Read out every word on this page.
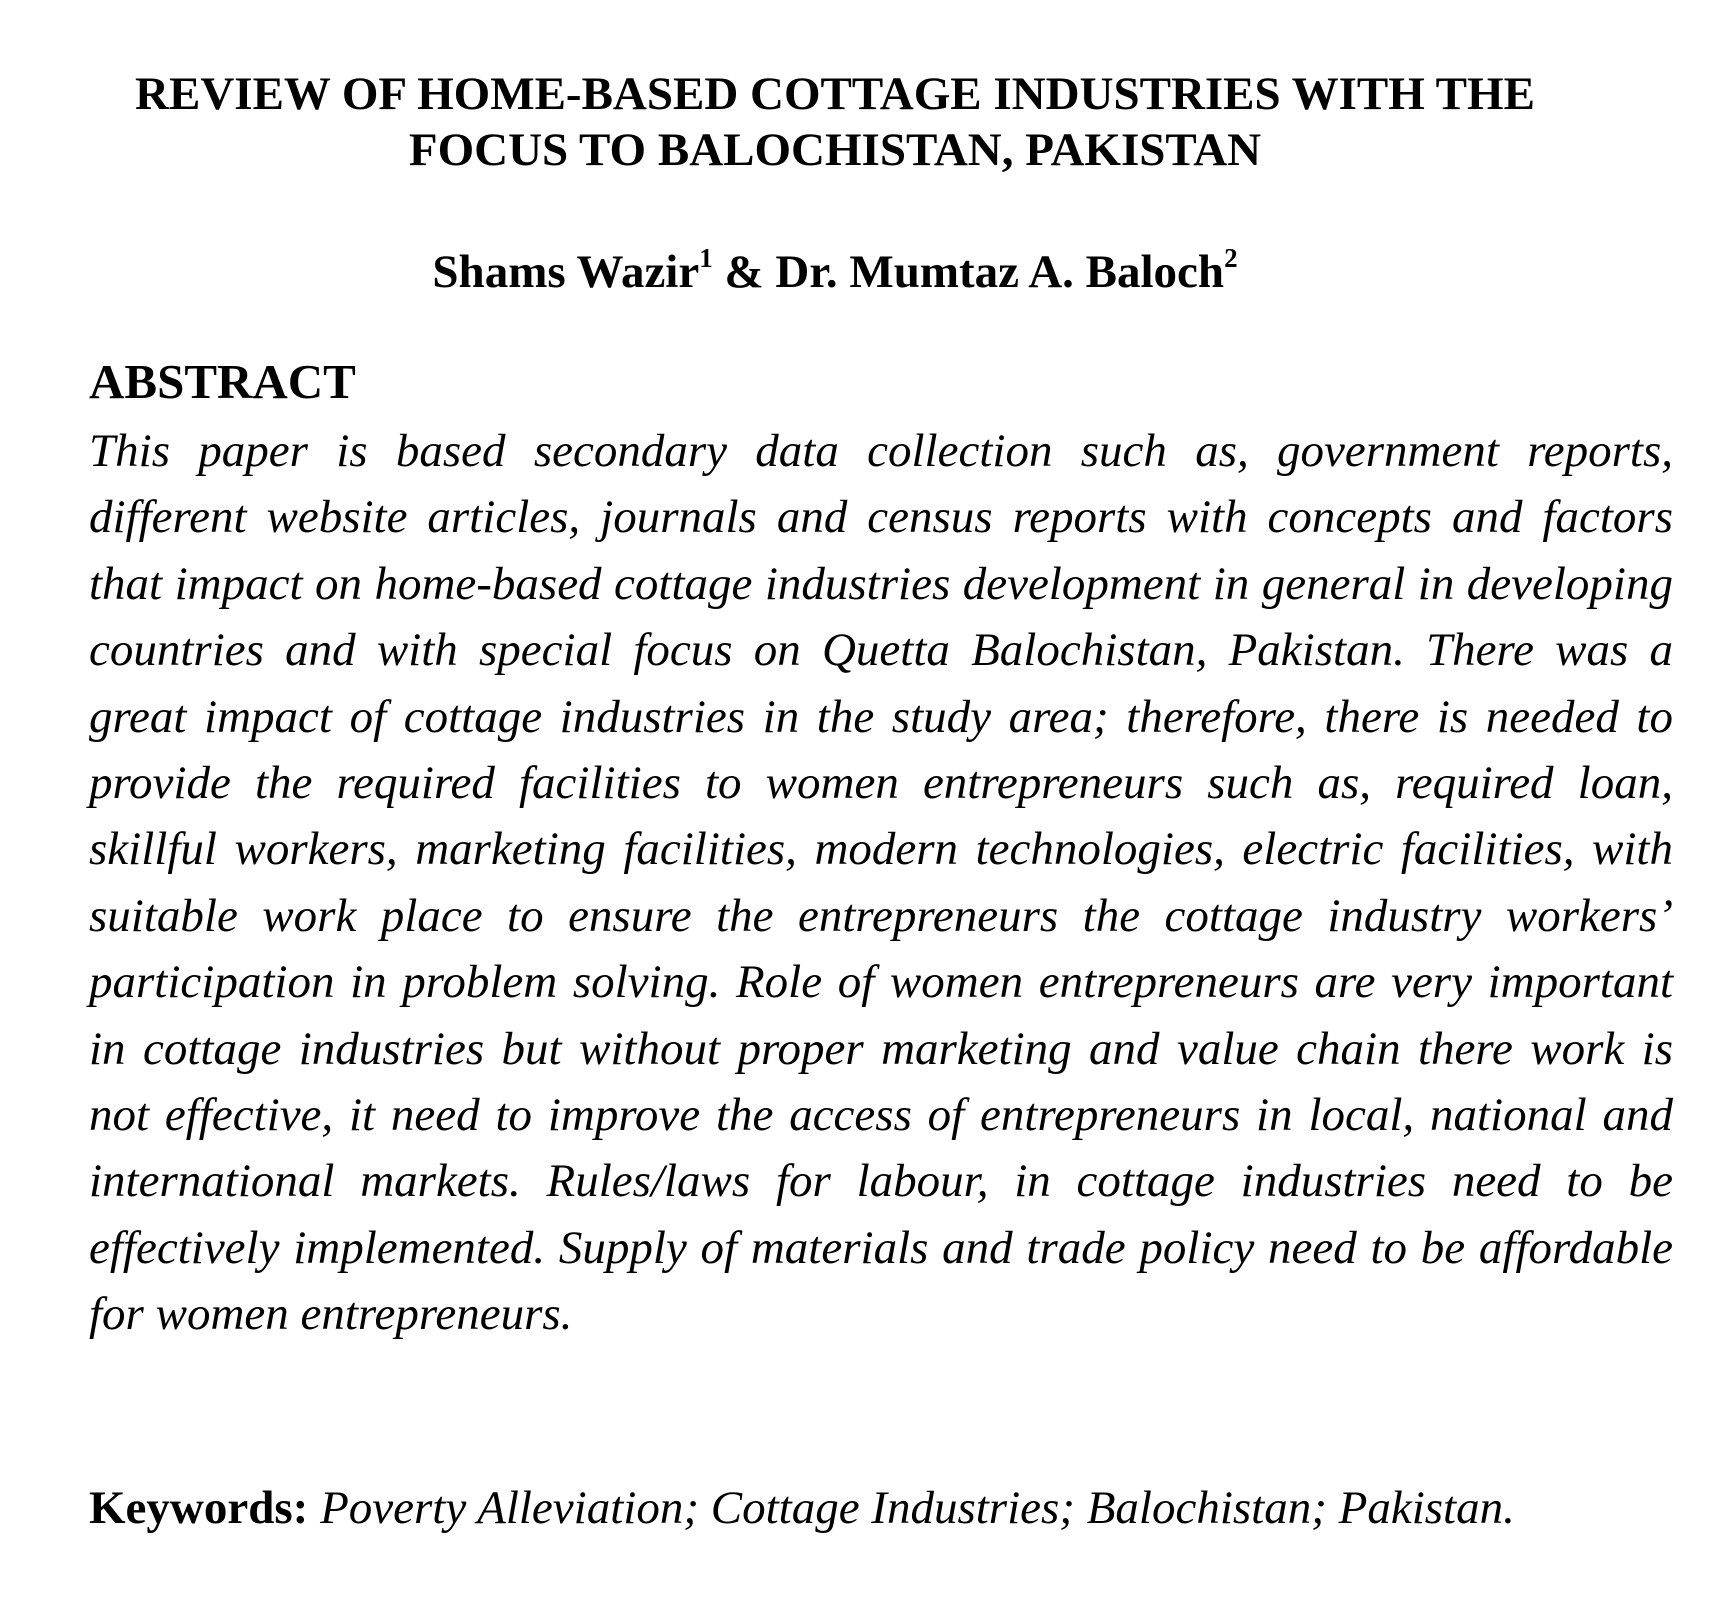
REVIEW OF HOME-BASED COTTAGE INDUSTRIES WITH THE FOCUS TO BALOCHISTAN, PAKISTAN

Shams Wazir$^1$ & Dr. Mumtaz A. Baloch$^2$

ABSTRACT

This paper is based secondary data collection such as, government reports, different website articles, journals and census reports with concepts and factors that impact on home-based cottage industries development in general in developing countries and with special focus on Quetta Balochistan, Pakistan. There was a great impact of cottage industries in the study area; therefore, there is needed to provide the required facilities to women entrepreneurs such as, required loan, skillful workers, marketing facilities, modern technologies, electric facilities, with suitable work place to ensure the entrepreneurs the cottage industry workers’ participation in problem solving. Role of women entrepreneurs are very important in cottage industries but without proper marketing and value chain there work is not effective, it need to improve the access of entrepreneurs in local, national and international markets. Rules/laws for labour, in cottage industries need to be effectively implemented. Supply of materials and trade policy need to be affordable for women entrepreneurs.

Keywords: Poverty Alleviation; Cottage Industries; Balochistan; Pakistan.
